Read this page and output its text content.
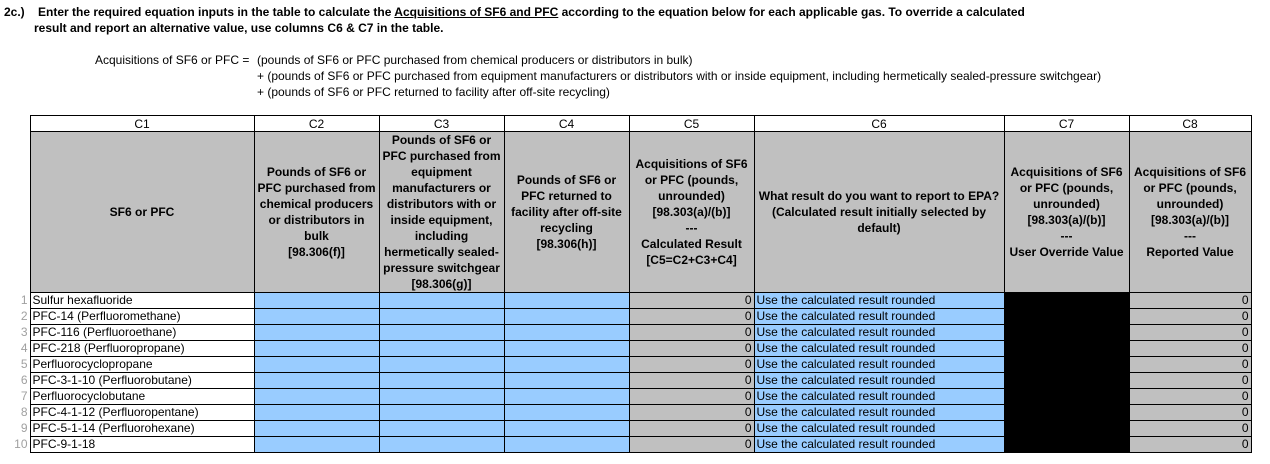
2c.) Enter the required equation inputs in the table to calculate the Acquisitions of SF6 and PFC according to the equation below for each applicable gas. To override a calculated
result and report an alternative value, use columns C6 & C7 in the table.
Acquisitions of SF6 or PFC = (pounds of SF6 or PFC purchased from chemical producers or distributors in bulk)
+ (pounds of SF6 or PFC purchased from equipment manufacturers or distributors with or inside equipment, including hermetically sealed-pressure switchgear)
+ (pounds of SF6 or PFC returned to facility after off-site recycling)
	C1	C2	C3	C4	C5	C6	C7	C8
	SF6 or PFC	Pounds of SF6 or PFC purchased from chemical producers or distributors in bulk
[98.306(f)]	Pounds of SF6 or PFC purchased from equipment manufacturers or distributors with or inside equipment, including hermetically sealed-pressure switchgear
[98.306(g)]	Pounds of SF6 or PFC returned to facility after off-site recycling
[98.306(h)]	Acquisitions of SF6 or PFC (pounds, unrounded)
[98.303(a)/(b)]
---
Calculated Result
[C5=C2+C3+C4]	What result do you want to report to EPA?
(Calculated result initially selected by default)	Acquisitions of SF6 or PFC (pounds, unrounded)
[98.303(a)/(b)]
---
User Override Value	Acquisitions of SF6 or PFC (pounds, unrounded)
[98.303(a)/(b)]
---
Reported Value
1	Sulfur hexafluoride				0	Use the calculated result rounded		0
2	PFC-14 (Perfluoromethane)				0	Use the calculated result rounded		0
3	PFC-116 (Perfluoroethane)				0	Use the calculated result rounded		0
4	PFC-218 (Perfluoropropane)				0	Use the calculated result rounded		0
5	Perfluorocyclopropane				0	Use the calculated result rounded		0
6	PFC-3-1-10 (Perfluorobutane)				0	Use the calculated result rounded		0
7	Perfluorocyclobutane				0	Use the calculated result rounded		0
8	PFC-4-1-12 (Perfluoropentane)				0	Use the calculated result rounded		0
9	PFC-5-1-14 (Perfluorohexane)				0	Use the calculated result rounded		0
10	PFC-9-1-18				0	Use the calculated result rounded		0
